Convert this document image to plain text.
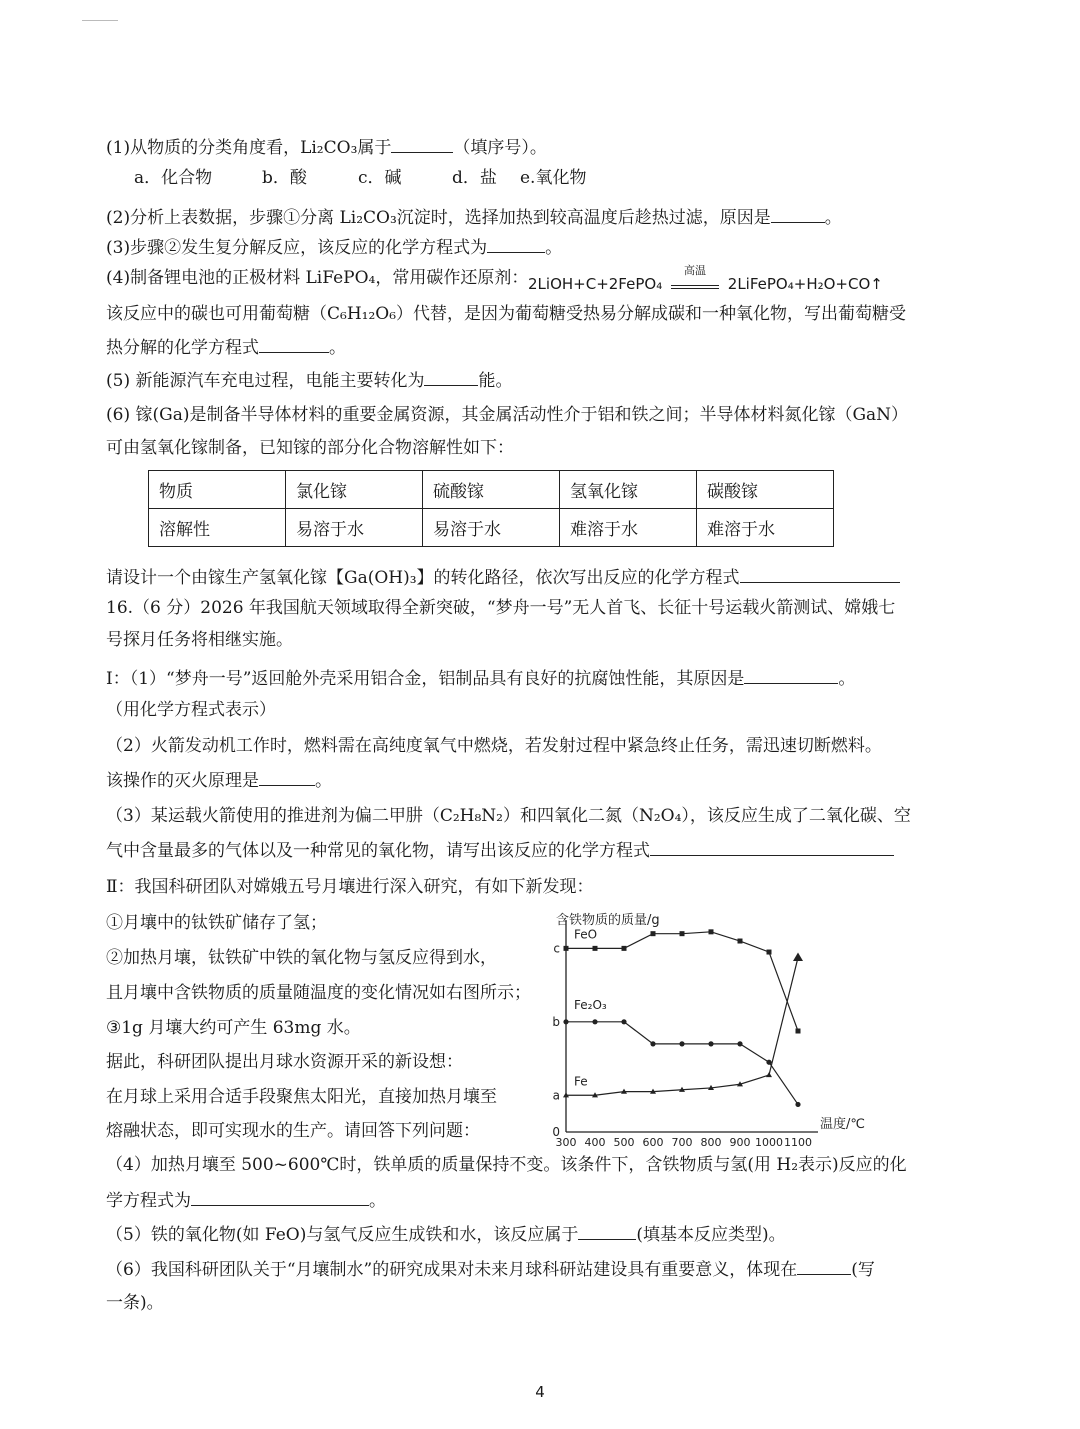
(1)从物质的分类角度看，Li₂CO₃属于	（填序号）。
a．化合物	b．酸	c．碱	d．盐 e.氧化物
(2)分析上表数据，步骤①分离 Li₂CO₃沉淀时，选择加热到较高温度后趁热过滤，原因是	。
(3)步骤②发生复分解反应，该反应的化学方程式为	。
(4)制备锂电池的正极材料 LiFePO₄，常用碳作还原剂： 2LiOH+C+2FePO₄
高温
2LiFePO₄+H₂O+CO↑
该反应中的碳也可用葡萄糖（C₆H₁₂O₆）代替，是因为葡萄糖受热易分解成碳和一种氧化物，写出葡萄糖受
热分解的化学方程式	。
(5) 新能源汽车充电过程，电能主要转化为	能。
(6) 镓(Ga)是制备半导体材料的重要金属资源，其金属活动性介于铝和铁之间；半导体材料氮化镓（GaN）
可由氢氧化镓制备，已知镓的部分化合物溶解性如下：
物质	氯化镓	硫酸镓	氢氧化镓	碳酸镓
溶解性	易溶于水	易溶于水	难溶于水	难溶于水
请设计一个由镓生产氢氧化镓【Ga(OH)₃】的转化路径，依次写出反应的化学方程式
16.（6 分）2026 年我国航天领域取得全新突破，“梦舟一号”无人首飞、长征十号运载火箭测试、嫦娥七
号探月任务将相继实施。
Ⅰ：（1）“梦舟一号”返回舱外壳采用铝合金，铝制品具有良好的抗腐蚀性能，其原因是	。
（用化学方程式表示）
（2）火箭发动机工作时，燃料需在高纯度氧气中燃烧，若发射过程中紧急终止任务，需迅速切断燃料。
该操作的灭火原理是	。
（3）某运载火箭使用的推进剂为偏二甲肼（C₂H₈N₂）和四氧化二氮（N₂O₄），该反应生成了二氧化碳、空
气中含量最多的气体以及一种常见的氧化物，请写出该反应的化学方程式
Ⅱ：我国科研团队对嫦娥五号月壤进行深入研究，有如下新发现：
①月壤中的钛铁矿储存了氢；
②加热月壤，钛铁矿中铁的氧化物与氢反应得到水，
且月壤中含铁物质的质量随温度的变化情况如右图所示；
③1g 月壤大约可产生 63mg 水。
据此，科研团队提出月球水资源开采的新设想：
在月球上采用合适手段聚焦太阳光，直接加热月壤至
熔融状态，即可实现水的生产。请回答下列问题：
含铁物质的质量/g
温度/℃
0
a
b
c
300 400 500 600 700 800 900 1000 1100
FeO
Fe₂O₃
Fe
（4）加热月壤至 500~600℃时，铁单质的质量保持不变。该条件下，含铁物质与氢(用 H₂表示)反应的化
学方程式为	。
（5）铁的氧化物(如 FeO)与氢气反应生成铁和水，该反应属于	(填基本反应类型)。
（6）我国科研团队关于“月壤制水”的研究成果对未来月球科研站建设具有重要意义，体现在	(写
一条)。
4
